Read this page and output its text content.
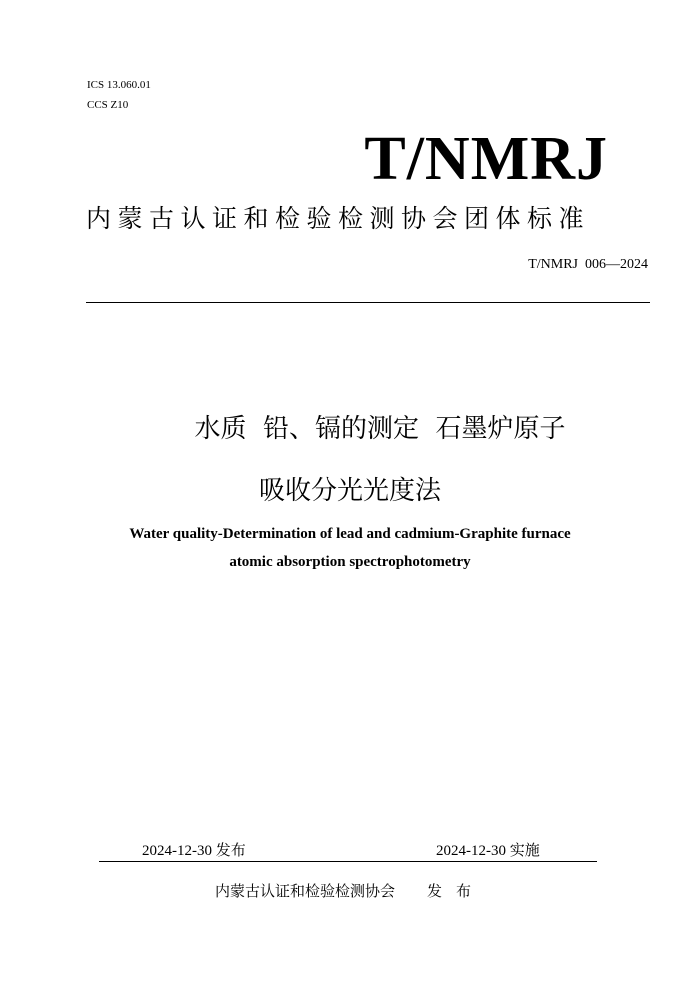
ICS 13.060.01
CCS Z10
T/NMRJ
内蒙古认证和检验检测协会团体标准
T/NMRJ  006—2024
水质  铅、镉的测定  石墨炉原子
吸收分光光度法
Water quality-Determination of lead and cadmium-Graphite furnace
atomic absorption spectrophotometry
2024-12-30 发布	2024-12-30 实施
内蒙古认证和检验检测协会 发布
